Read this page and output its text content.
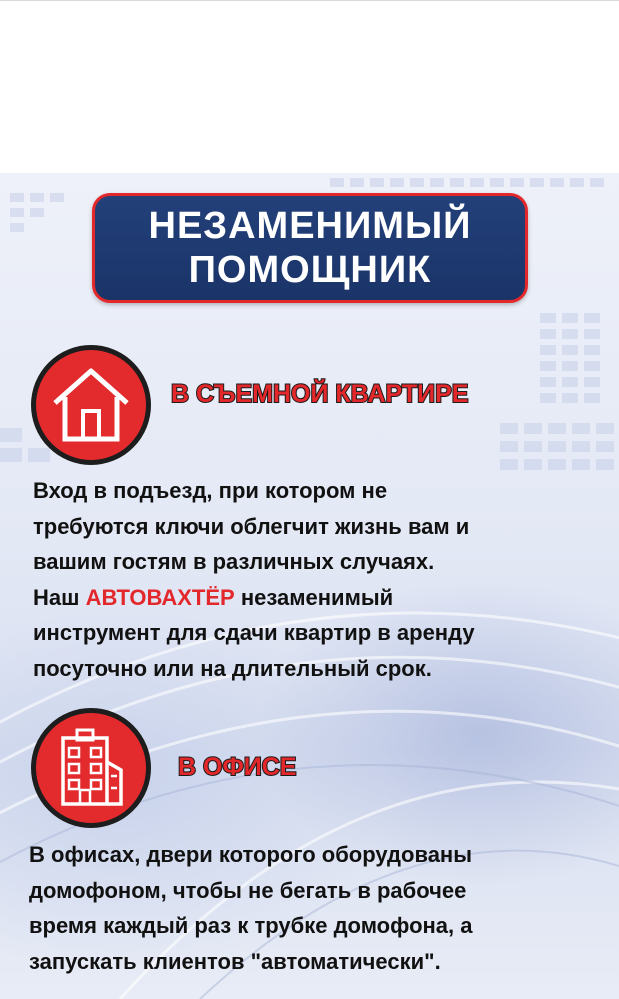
НЕЗАМЕНИМЫЙ
ПОМОЩНИК
В СЪЕМНОЙ КВАРТИРЕ
Вход в подъезд, при котором не
требуются ключи облегчит жизнь вам и
вашим гостям в различных случаях.
Наш АВТОВАХТЁР незаменимый
инструмент для сдачи квартир в аренду
посуточно или на длительный срок.
В ОФИСЕ
В офисах, двери которого оборудованы
домофоном, чтобы не бегать в рабочее
время каждый раз к трубке домофона, а
запускать клиентов "автоматически".
